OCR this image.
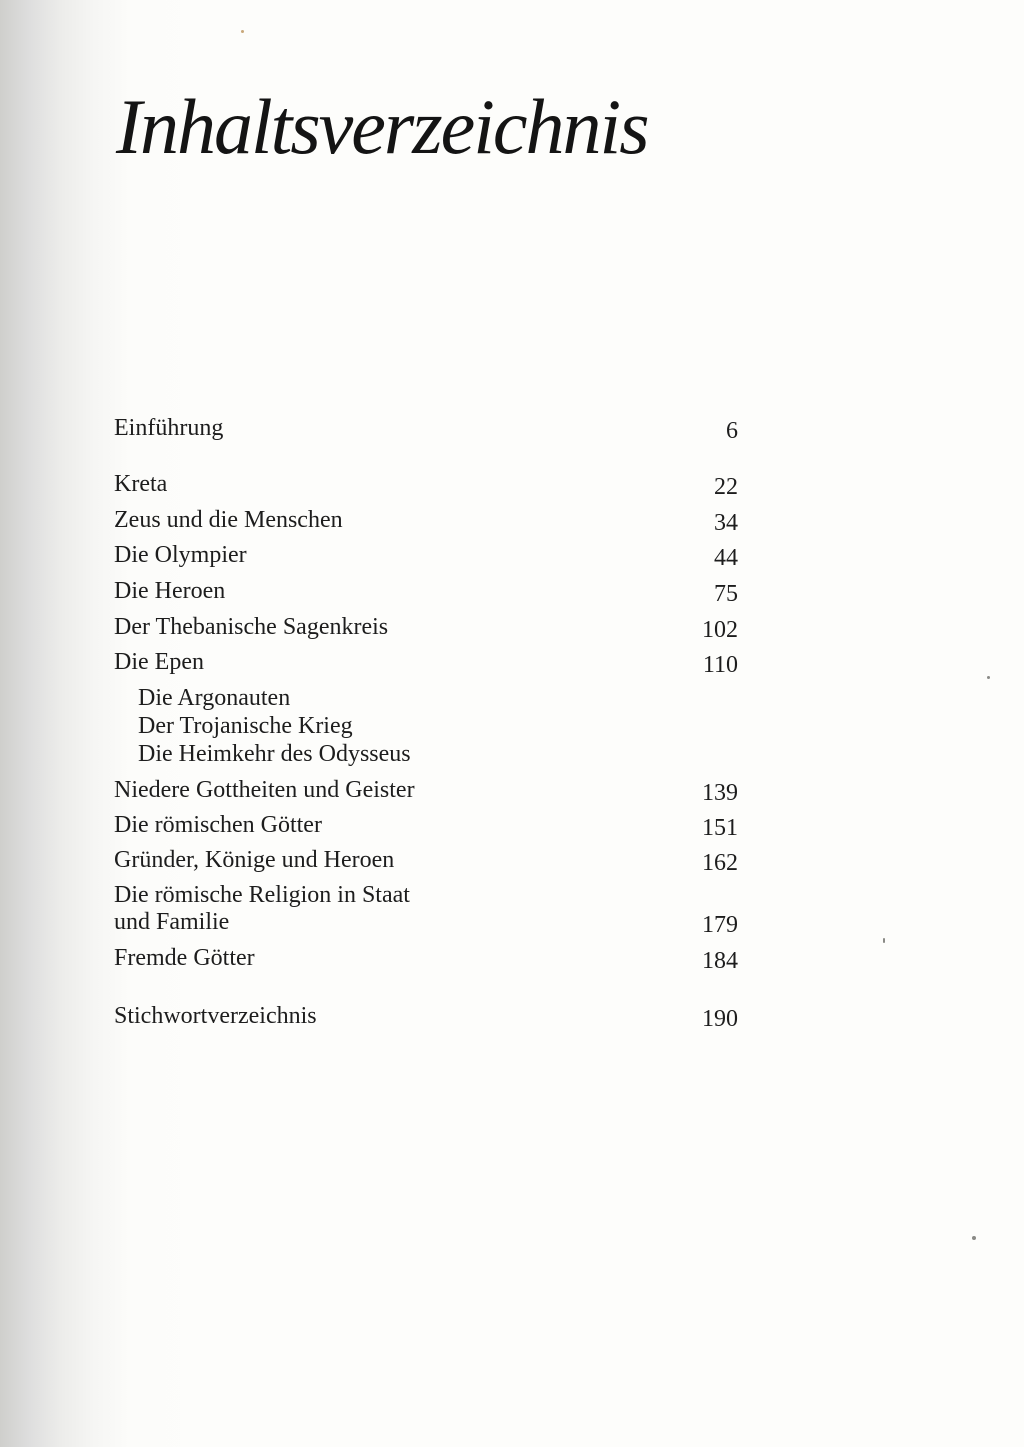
Inhaltsverzeichnis
Einführung	6
Kreta	22
Zeus und die Menschen	34
Die Olympier	44
Die Heroen	75
Der Thebanische Sagenkreis	102
Die Epen	110
Die Argonauten
Der Trojanische Krieg
Die Heimkehr des Odysseus
Niedere Gottheiten und Geister	139
Die römischen Götter	151
Gründer, Könige und Heroen	162
Die römische Religion in Staat
und Familie	179
Fremde Götter	184
Stichwortverzeichnis	190
